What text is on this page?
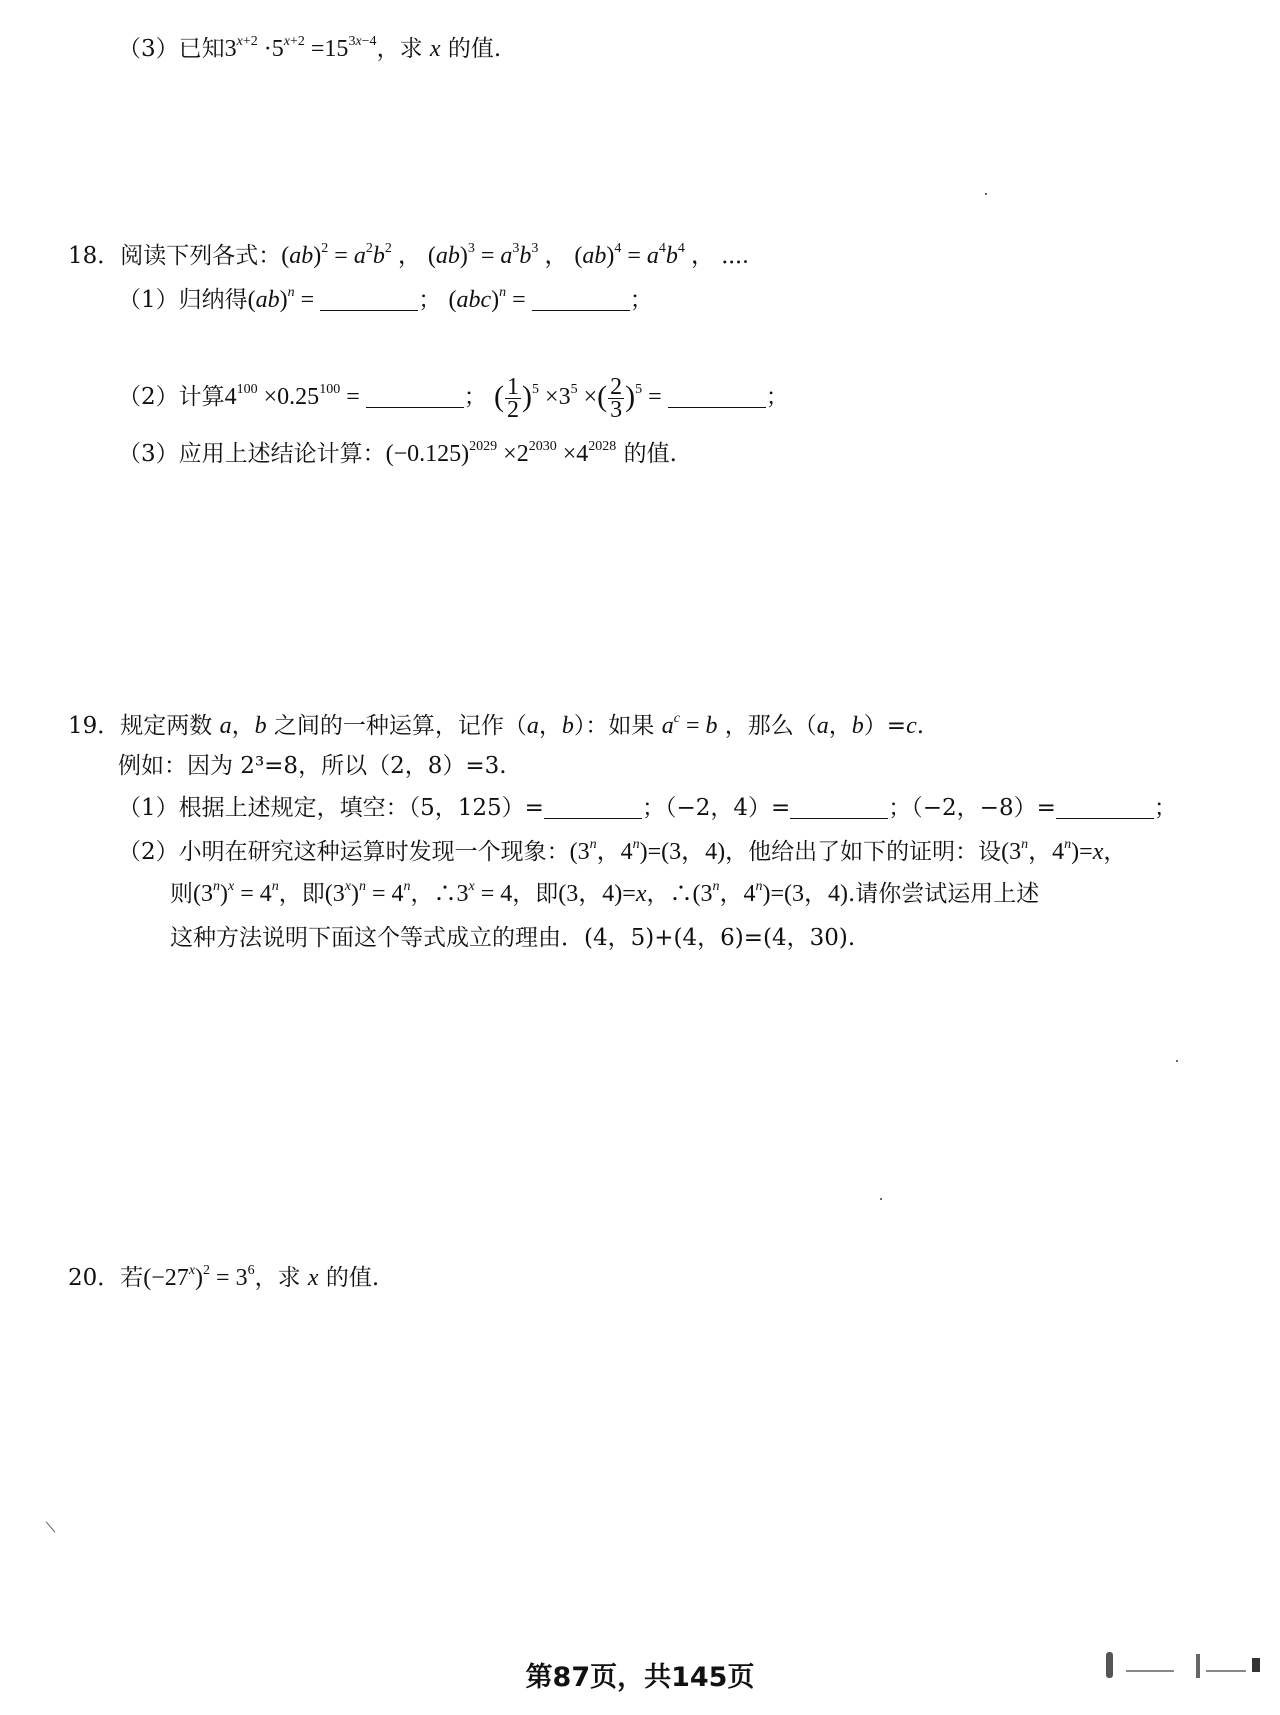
（3）已知$3^{x+2} \cdot 5^{x+2} =15^{3x-4}$，求 x 的值.
18．阅读下列各式：$(ab)^2 = a^2b^2$ ， $(ab)^3 = a^3b^3$ ， $(ab)^4 = a^4b^4$ ， ⋯.
（1）归纳得(ab)$^n$ =	； (abc)$^n$ =	；
（2）计算$4^{100} \times 0.25^{100}$ =	； ( $\frac{1}{2} )^5 \times 3^5$ ×( $\frac{2}{3} )^5$ =	；
（3）应用上述结论计算：$(-0.125)^{2029} \times 2^{2030} \times 4^{2028}$ 的值.
19．规定两数 a，b 之间的一种运算，记作（a，b）：如果 $a^c = b$ ，那么（a，b）=c.
例如：因为 2³=8，所以（2，8）=3.
（1）根据上述规定，填空：（5，125）=	；（−2，4）=	；（−2，−8）=	；
（2）小明在研究这种运算时发现一个现象：(3$^n$，$4^n)=(3$，4)，他给出了如下的证明：设(3$^n$，$4^n)=x$，
则$(3^n)^x = 4^n$，即$(3^x)^n = 4^n$，$\therefore 3^x = 4$，即(3，4)=x，∴(3$^n$，$4^n)=(3$，4).请你尝试运用上述
这种方法说明下面这个等式成立的理由．(4，5)+(4，6)=(4，30).
20．若$(-27^x)^2 = 3^6$，求 x 的值.
第87页，共145页
